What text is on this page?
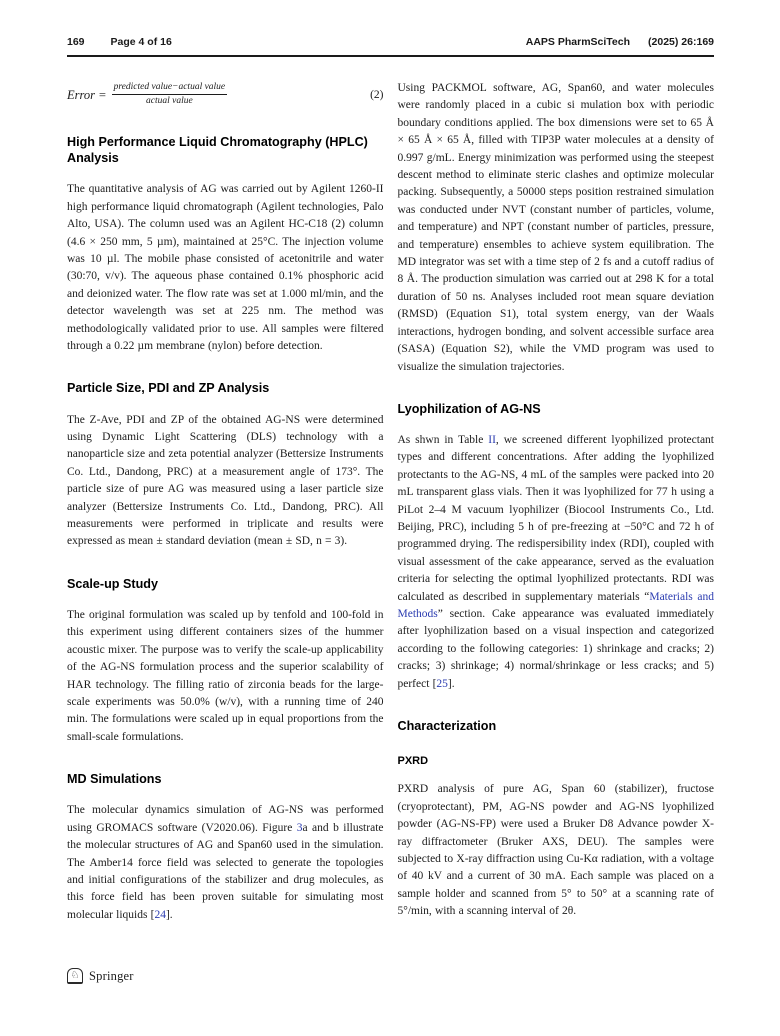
169 Page 4 of 16	AAPS PharmSciTech (2025) 26:169
Error = $\frac{\text{predicted value−actual value}}{\text{actual value}}$	(2)
High Performance Liquid Chromatography (HPLC) Analysis

The quantitative analysis of AG was carried out by Agilent 1260-II high performance liquid chromatograph (Agilent technologies, Palo Alto, USA). The column used was an Agilent HC-C18 (2) column (4.6 × 250 mm, 5 µm), maintained at 25°C. The injection volume was 10 µl. The mobile phase consisted of acetonitrile and water (30:70, v/v). The aqueous phase contained 0.1% phosphoric acid and deionized water. The flow rate was set at 1.000 ml/min, and the detector wavelength was set at 225 nm. The method was methodologically validated prior to use. All samples were filtered through a 0.22 µm membrane (nylon) before detection.

Particle Size, PDI and ZP Analysis

The Z-Ave, PDI and ZP of the obtained AG-NS were determined using Dynamic Light Scattering (DLS) technology with a nanoparticle size and zeta potential analyzer (Bettersize Instruments Co. Ltd., Dandong, PRC) at a measurement angle of 173°. The particle size of pure AG was measured using a laser particle size analyzer (Bettersize Instruments Co. Ltd., Dandong, PRC). All measurements were performed in triplicate and results were expressed as mean ± standard deviation (mean ± SD, n = 3).

Scale-up Study

The original formulation was scaled up by tenfold and 100-fold in this experiment using different containers sizes of the hummer acoustic mixer. The purpose was to verify the scale-up applicability of the AG-NS formulation process and the superior scalability of HAR technology. The filling ratio of zirconia beads for the large-scale experiments was 50.0% (w/v), with a running time of 240 min. The formulations were scaled up in equal proportions from the small-scale formulations.

MD Simulations

The molecular dynamics simulation of AG-NS was performed using GROMACS software (V2020.06). Figure 3a and b illustrate the molecular structures of AG and Span60 used in the simulation. The Amber14 force field was selected to generate the topologies and initial configurations of the stabilizer and drug molecules, as this force field has been proven suitable for simulating most molecular liquids [24].

Using PACKMOL software, AG, Span60, and water molecules were randomly placed in a cubic si mulation box with periodic boundary conditions applied. The box dimensions were set to 65 Å × 65 Å × 65 Å, filled with TIP3P water molecules at a density of 0.997 g/mL. Energy minimization was performed using the steepest descent method to eliminate steric clashes and optimize molecular packing. Subsequently, a 50000 steps position restrained simulation was conducted under NVT (constant number of particles, volume, and temperature) and NPT (constant number of particles, pressure, and temperature) ensembles to achieve system equilibration. The MD integrator was set with a time step of 2 fs and a cutoff radius of 8 Å. The production simulation was carried out at 298 K for a total duration of 50 ns. Analyses included root mean square deviation (RMSD) (Equation S1), total system energy, van der Waals interactions, hydrogen bonding, and solvent accessible surface area (SASA) (Equation S2), while the VMD program was used to visualize the simulation trajectories.

Lyophilization of AG-NS

As shwn in Table II, we screened different lyophilized protectant types and different concentrations. After adding the lyophilized protectants to the AG-NS, 4 mL of the samples were packed into 20 mL transparent glass vials. Then it was lyophilized for 77 h using a PiLot 2–4 M vacuum lyophilizer (Biocool Instruments Co., Ltd. Beijing, PRC), including 5 h of pre-freezing at −50°C and 72 h of programmed drying. The redispersibility index (RDI), coupled with visual assessment of the cake appearance, served as the evaluation criteria for selecting the optimal lyophilized protectants. RDI was calculated as described in supplementary materials “Materials and Methods” section. Cake appearance was evaluated immediately after lyophilization based on a visual inspection and categorized according to the following categories: 1) shrinkage and cracks; 2) cracks; 3) shrinkage; 4) normal/shrinkage or less cracks; and 5) perfect [25].

Characterization
PXRD

PXRD analysis of pure AG, Span 60 (stabilizer), fructose (cryoprotectant), PM, AG-NS powder and AG-NS lyophilized powder (AG-NS-FP) were used a Bruker D8 Advance powder X-ray diffractometer (Bruker AXS, DEU). The samples were subjected to X-ray diffraction using Cu-Kα radiation, with a voltage of 40 kV and a current of 30 mA. Each sample was placed on a sample holder and scanned from 5° to 50° at a scanning rate of 5°/min, with a scanning interval of 2θ.

♘ Springer
